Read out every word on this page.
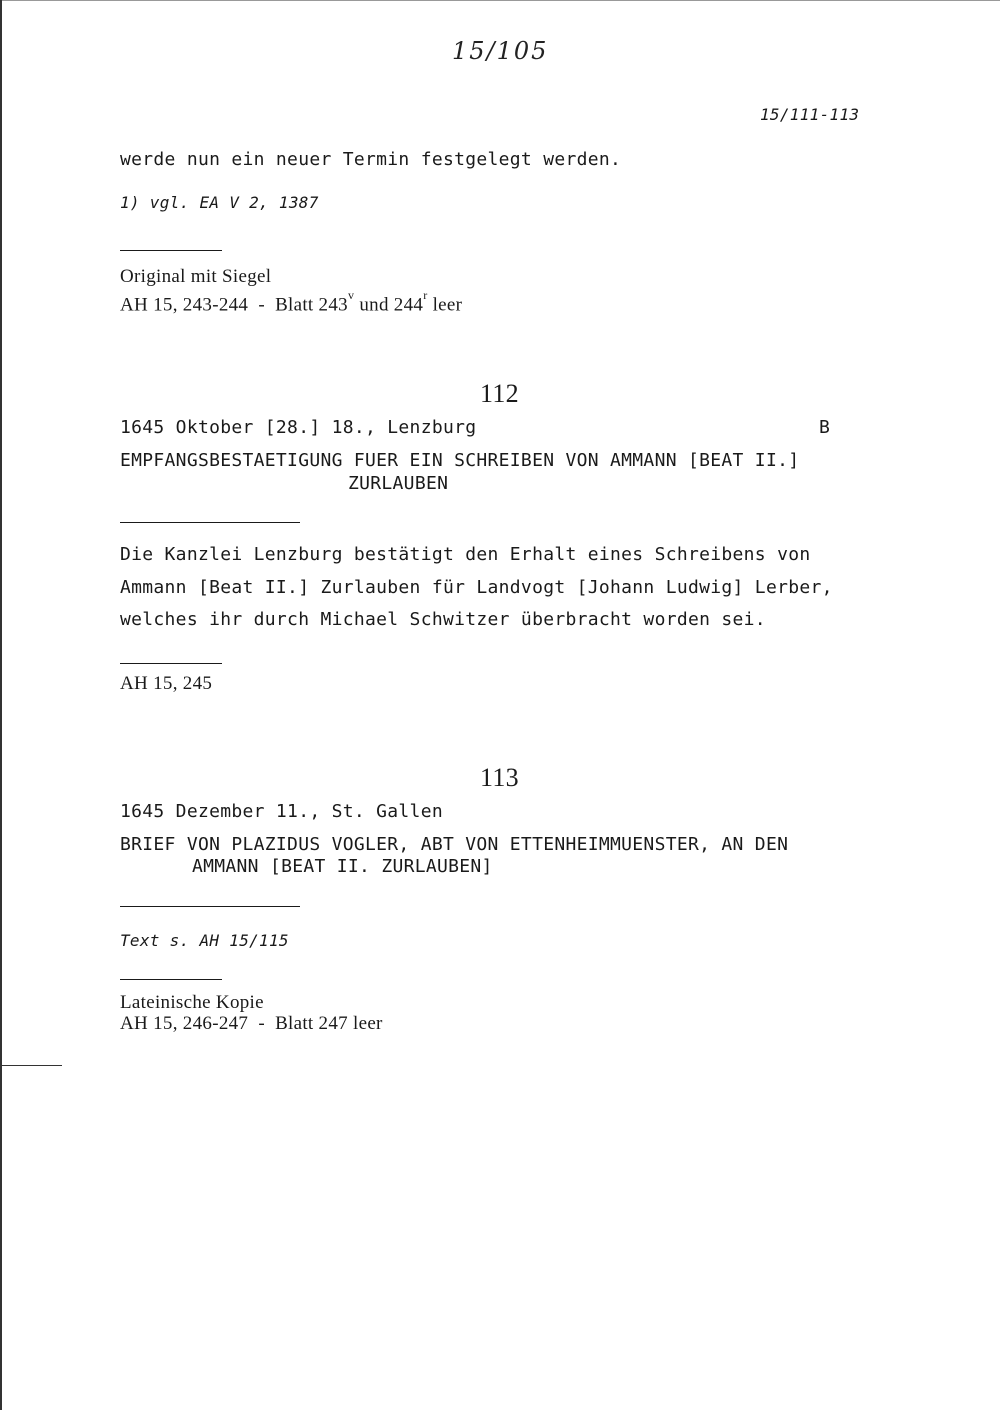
15/105
15/111-113
werde nun ein neuer Termin festgelegt werden.
1) vgl. EA V 2, 1387
Original mit Siegel
AH 15, 243-244  -  Blatt 243$^v$ und 244$^r$ leer
112
1645 Oktober [28.] 18., Lenzburg	B
EMPFANGSBESTAETIGUNG FUER EIN SCHREIBEN VON AMMANN [BEAT II.]
ZURLAUBEN
Die Kanzlei Lenzburg bestätigt den Erhalt eines Schreibens von
Ammann [Beat II.] Zurlauben für Landvogt [Johann Ludwig] Lerber,
welches ihr durch Michael Schwitzer überbracht worden sei.
AH 15, 245
113
1645 Dezember 11., St. Gallen
BRIEF VON PLAZIDUS VOGLER, ABT VON ETTENHEIMMUENSTER, AN DEN
AMMANN [BEAT II. ZURLAUBEN]
Text s. AH 15/115
Lateinische Kopie
AH 15, 246-247  -  Blatt 247 leer
